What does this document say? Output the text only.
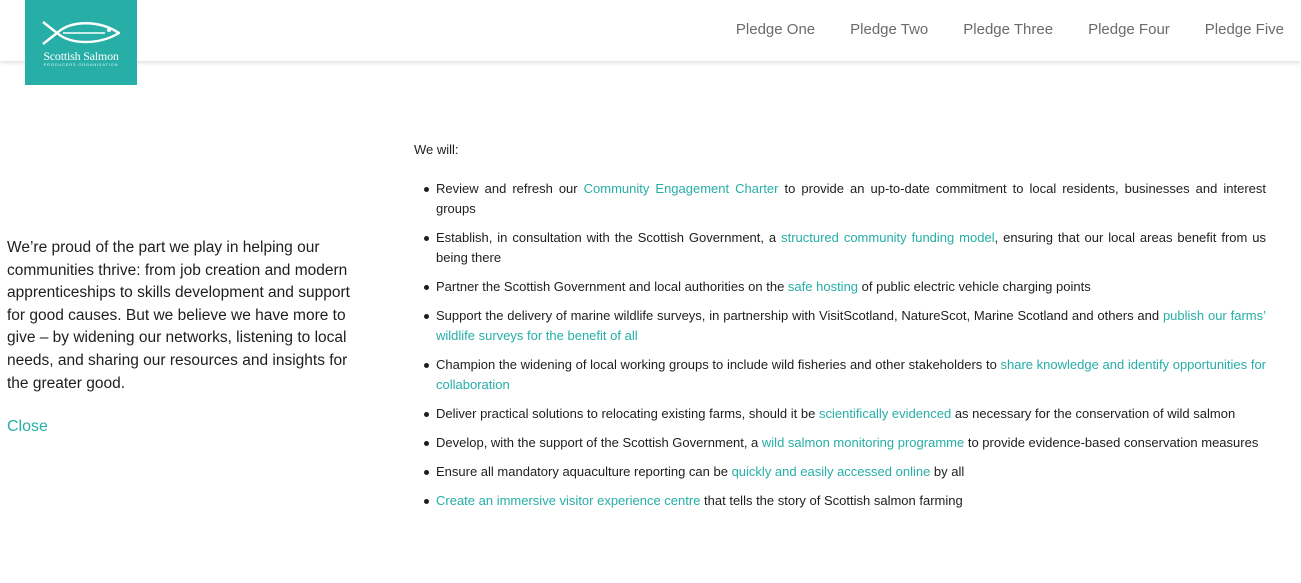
Scottish Salmon
PRODUCERS ORGANISATION
Pledge One Pledge Two Pledge Three Pledge Four Pledge Five

We’re proud of the part we play in helping our communities thrive: from job creation and modern apprenticeships to skills development and support for good causes. But we believe we have more to give – by widening our networks, listening to local needs, and sharing our resources and insights for the greater good.

Close

We will:

Review and refresh our Community Engagement Charter to provide an up-to-date commitment to local residents, businesses and interest groups
Establish, in consultation with the Scottish Government, a structured community funding model, ensuring that our local areas benefit from us being there
Partner the Scottish Government and local authorities on the safe hosting of public electric vehicle charging points
Support the delivery of marine wildlife surveys, in partnership with VisitScotland, NatureScot, Marine Scotland and others and publish our farms’ wildlife surveys for the benefit of all
Champion the widening of local working groups to include wild fisheries and other stakeholders to share knowledge and identify opportunities for collaboration
Deliver practical solutions to relocating existing farms, should it be scientifically evidenced as necessary for the conservation of wild salmon
Develop, with the support of the Scottish Government, a wild salmon monitoring programme to provide evidence-based conservation measures
Ensure all mandatory aquaculture reporting can be quickly and easily accessed online by all
Create an immersive visitor experience centre that tells the story of Scottish salmon farming
